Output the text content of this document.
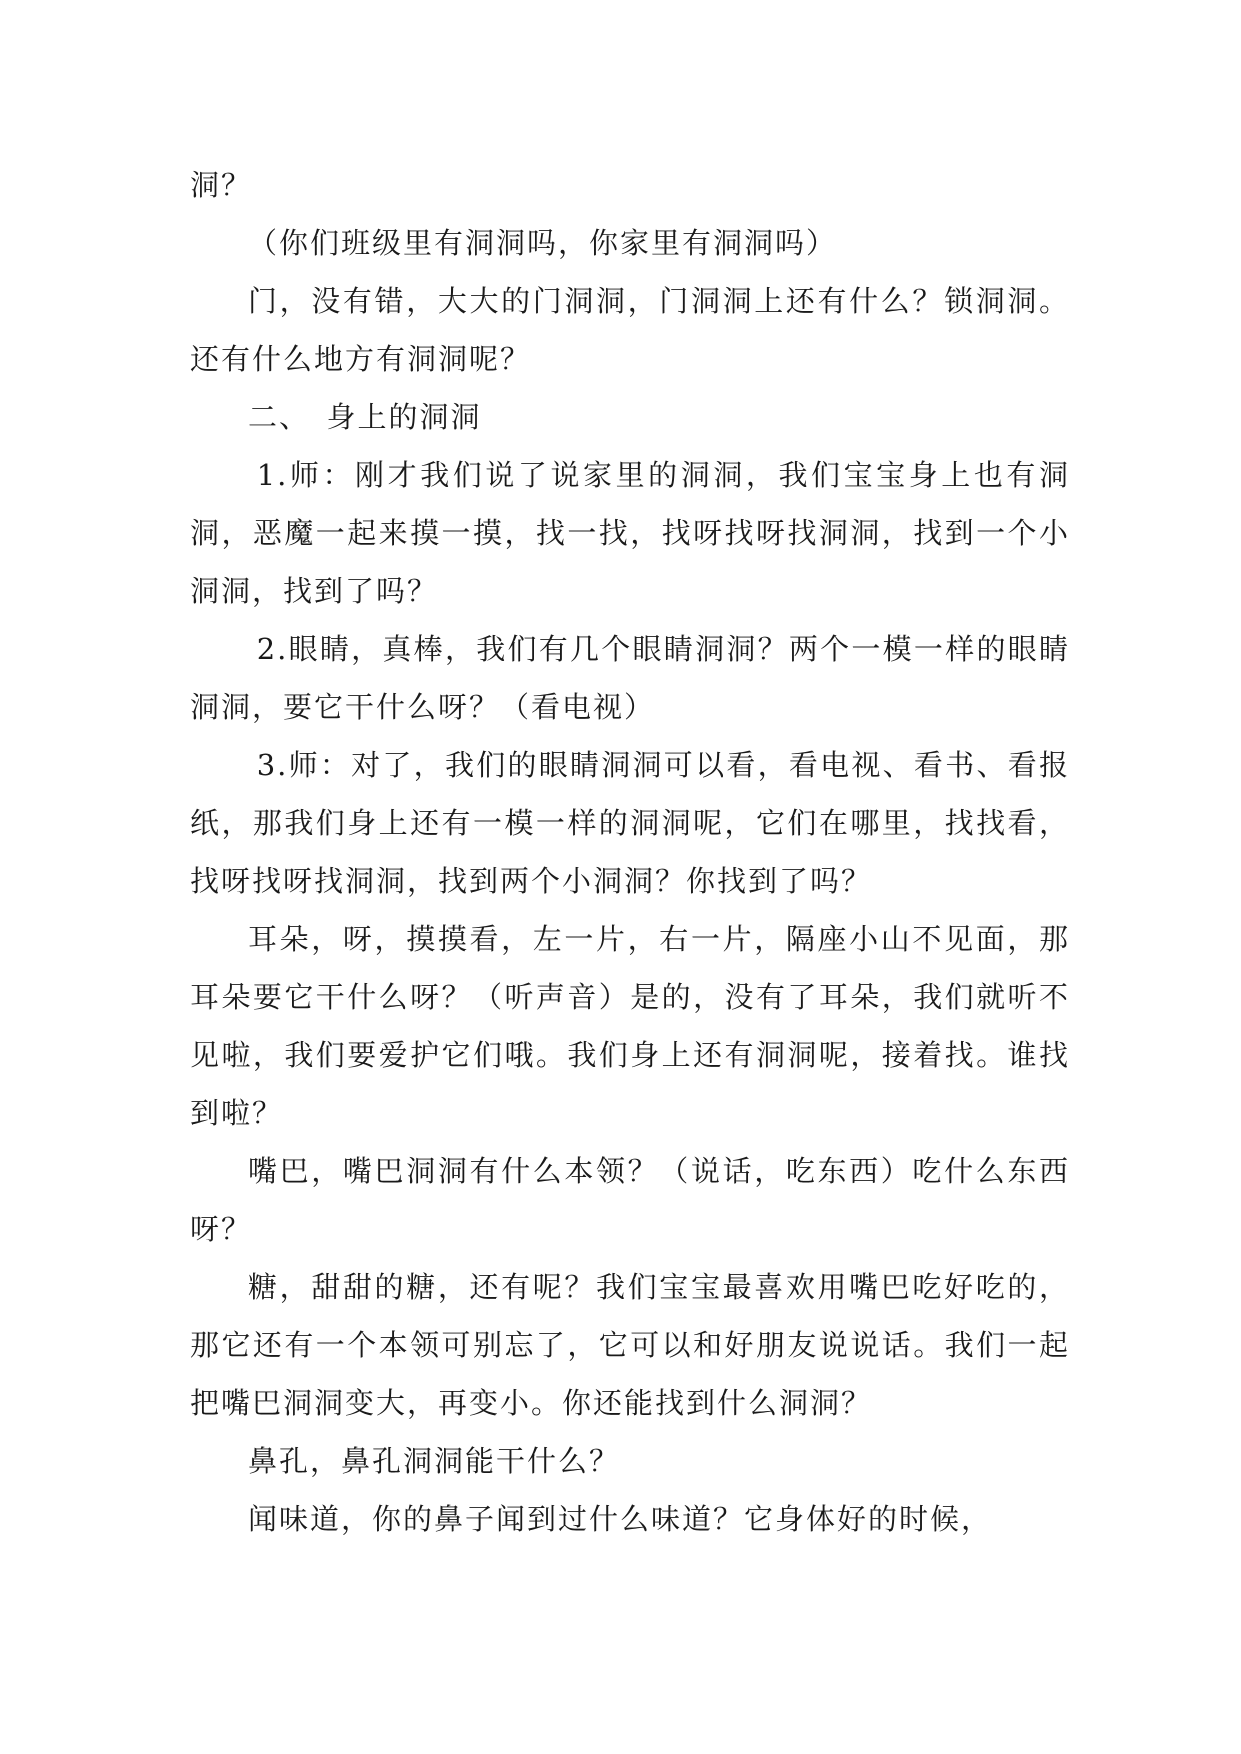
洞？

（你们班级里有洞洞吗，你家里有洞洞吗）

门，没有错，大大的门洞洞，门洞洞上还有什么？锁洞洞。还有什么地方有洞洞呢？

二、　身上的洞洞

1.师：刚才我们说了说家里的洞洞，我们宝宝身上也有洞洞，恶魔一起来摸一摸，找一找，找呀找呀找洞洞，找到一个小洞洞，找到了吗？

2.眼睛，真棒，我们有几个眼睛洞洞？两个一模一样的眼睛洞洞，要它干什么呀？（看电视）

3.师：对了，我们的眼睛洞洞可以看，看电视、看书、看报纸，那我们身上还有一模一样的洞洞呢，它们在哪里，找找看，找呀找呀找洞洞，找到两个小洞洞？你找到了吗？

耳朵，呀，摸摸看，左一片，右一片，隔座小山不见面，那耳朵要它干什么呀？（听声音）是的，没有了耳朵，我们就听不见啦，我们要爱护它们哦。我们身上还有洞洞呢，接着找。谁找到啦？

嘴巴，嘴巴洞洞有什么本领？（说话，吃东西）吃什么东西呀？

糖，甜甜的糖，还有呢？我们宝宝最喜欢用嘴巴吃好吃的，那它还有一个本领可别忘了，它可以和好朋友说说话。我们一起把嘴巴洞洞变大，再变小。你还能找到什么洞洞？

鼻孔，鼻孔洞洞能干什么？

闻味道，你的鼻子闻到过什么味道？它身体好的时候，
